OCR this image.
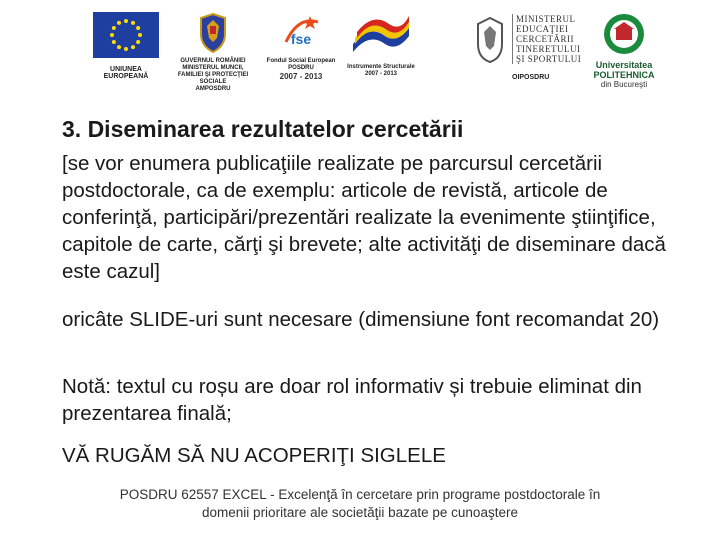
UNIUNEA EUROPEANĂ
GUVERNUL ROMÂNIEI
MINISTERUL MUNCII,
FAMILIEI ŞI PROTECŢIEI
SOCIALE
AMPOSDRU
fse
Fondul Social European
POSDRU
2007 - 2013
Instrumente Structurale
2007 - 2013
MINISTERUL
EDUCAŢIEI
CERCETĂRII
TINERETULUI
ŞI SPORTULUI
OIPOSDRU
Universitatea
POLITEHNICA
din Bucureşti
3. Diseminarea rezultatelor cercetării

[se vor enumera publicaţiile realizate pe parcursul cercetării postdoctorale, ca de exemplu: articole de revistă, articole de conferinţă, participări/prezentări realizate la evenimente ştiinţifice, capitole de carte, cărţi şi brevete; alte activităţi de diseminare dacă este cazul]

oricâte SLIDE-uri sunt necesare (dimensiune font recomandat 20)

Notă: textul cu roșu are doar rol informativ și trebuie eliminat din prezentarea finală;

VĂ RUGĂM SĂ NU ACOPERIŢI SIGLELE

POSDRU 62557 EXCEL - Excelenţă în cercetare prin programe postdoctorale în
domenii prioritare ale societăţii bazate pe cunoaştere
